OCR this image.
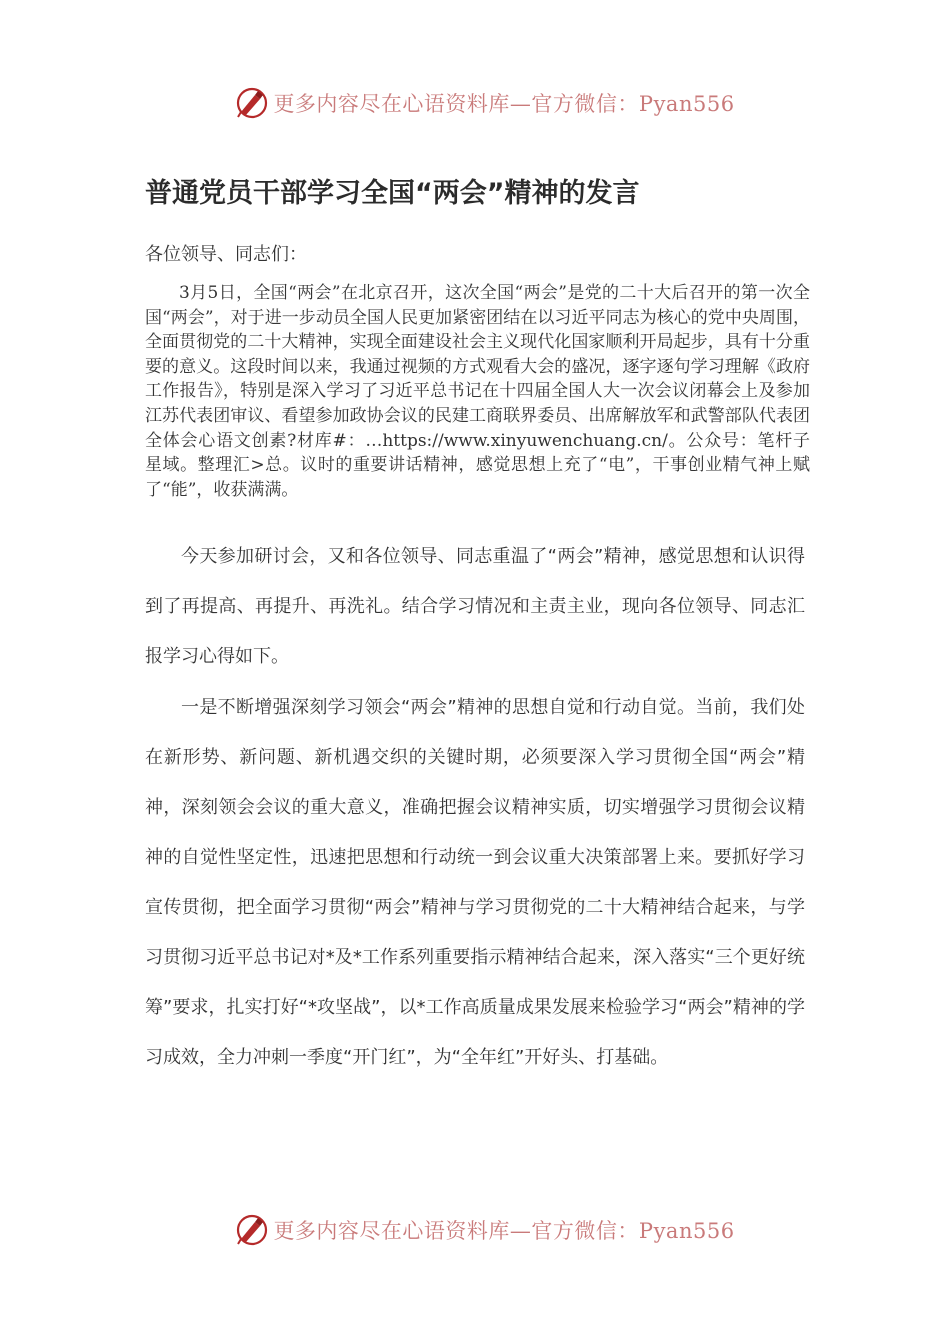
更多内容尽在心语资料库—官方微信：Pyan556
普通党员干部学习全国“两会”精神的发言
各位领导、同志们：

3月5日，全国“两会”在北京召开，这次全国“两会”是党的二十大后召开的第一次全国“两会”，对于进一步动员全国人民更加紧密团结在以习近平同志为核心的党中央周围，全面贯彻党的二十大精神，实现全面建设社会主义现代化国家顺利开局起步，具有十分重要的意义。这段时间以来，我通过视频的方式观看大会的盛况，逐字逐句学习理解《政府工作报告》，特别是深入学习了习近平总书记在十四届全国人大一次会议闭幕会上及参加江苏代表团审议、看望参加政协会议的民建工商联界委员、出席解放军和武警部队代表团全体会心语文创素?材库#：…https://www.xinyuwenchuang.cn/。公众号：笔杆子星域。整理汇>总。议时的重要讲话精神，感觉思想上充了“电”，干事创业精气神上赋了“能”，收获满满。

今天参加研讨会，又和各位领导、同志重温了“两会”精神，感觉思想和认识得到了再提高、再提升、再洗礼。结合学习情况和主责主业，现向各位领导、同志汇报学习心得如下。

一是不断增强深刻学习领会“两会”精神的思想自觉和行动自觉。当前，我们处在新形势、新问题、新机遇交织的关键时期，必须要深入学习贯彻全国“两会”精神，深刻领会会议的重大意义，准确把握会议精神实质，切实增强学习贯彻会议精神的自觉性坚定性，迅速把思想和行动统一到会议重大决策部署上来。要抓好学习宣传贯彻，把全面学习贯彻“两会”精神与学习贯彻党的二十大精神结合起来，与学习贯彻习近平总书记对*及*工作系列重要指示精神结合起来，深入落实“三个更好统筹”要求，扎实打好“*攻坚战”，以*工作高质量成果发展来检验学习“两会”精神的学习成效，全力冲刺一季度“开门红”，为“全年红”开好头、打基础。

更多内容尽在心语资料库—官方微信：Pyan556
